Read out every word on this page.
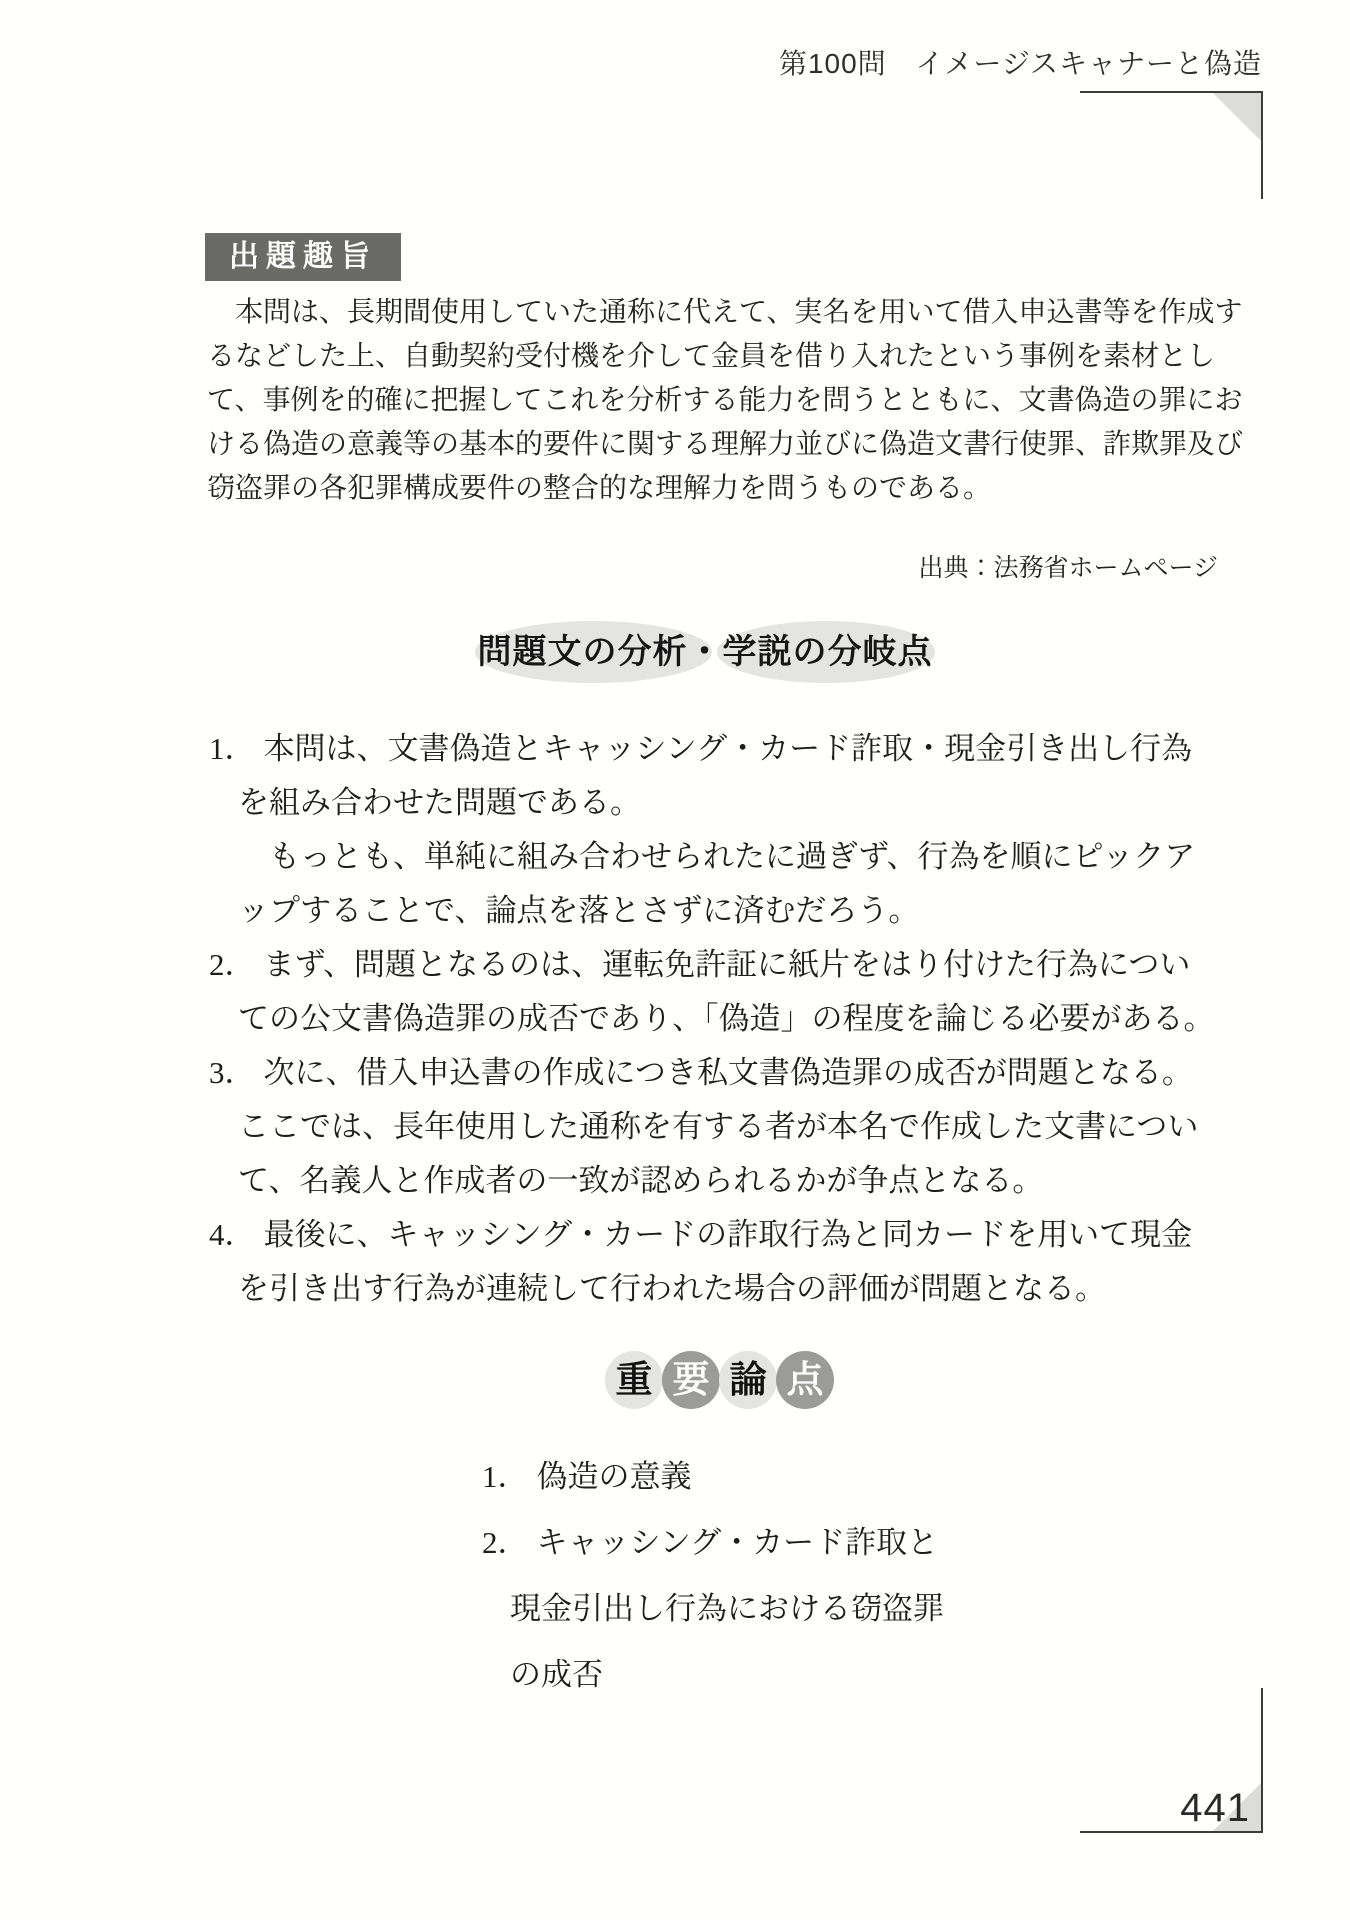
第100問　イメージスキャナーと偽造
出題趣旨
本問は、長期間使用していた通称に代えて、実名を用いて借入申込書等を作成す
るなどした上、自動契約受付機を介して金員を借り入れたという事例を素材とし
て、事例を的確に把握してこれを分析する能力を問うとともに、文書偽造の罪にお
ける偽造の意義等の基本的要件に関する理解力並びに偽造文書行使罪、詐欺罪及び
窃盗罪の各犯罪構成要件の整合的な理解力を問うものである。
出典：法務省ホームページ
問題文の分析・学説の分岐点
1． 本問は、文書偽造とキャッシング・カード詐取・現金引き出し行為
を組み合わせた問題である。
　もっとも、単純に組み合わせられたに過ぎず、行為を順にピックア
ップすることで、論点を落とさずに済むだろう。
2． まず、問題となるのは、運転免許証に紙片をはり付けた行為につい
ての公文書偽造罪の成否であり、「偽造」の程度を論じる必要がある。
3． 次に、借入申込書の作成につき私文書偽造罪の成否が問題となる。
ここでは、長年使用した通称を有する者が本名で作成した文書につい
て、名義人と作成者の一致が認められるかが争点となる。
4． 最後に、キャッシング・カードの詐取行為と同カードを用いて現金
を引き出す行為が連続して行われた場合の評価が問題となる。
重 要 論 点
1． 偽造の意義
2． キャッシング・カード詐取と
現金引出し行為における窃盗罪
の成否
441
